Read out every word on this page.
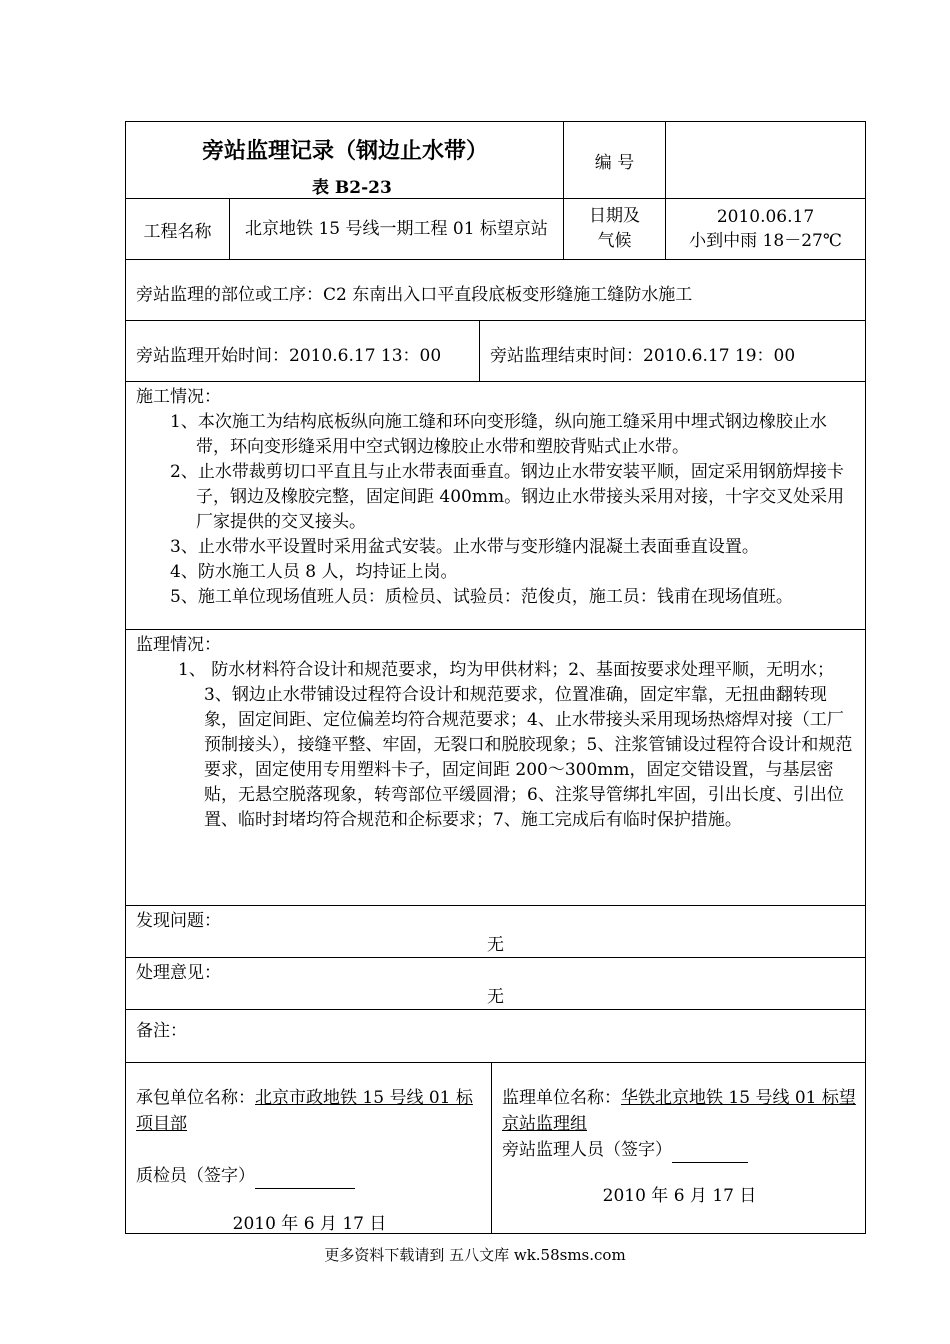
旁站监理记录（钢边止水带）
表 B2-23
编 号
工程名称 北京地铁 15 号线一期工程 01 标望京站
日期及气候
2010.06.17
小到中雨 18－27℃
旁站监理的部位或工序：C2 东南出入口平直段底板变形缝施工缝防水施工
旁站监理开始时间：2010.6.17 13：00	旁站监理结束时间：2010.6.17 19：00
施工情况：
1、本次施工为结构底板纵向施工缝和环向变形缝，纵向施工缝采用中埋式钢边橡胶止水带，环向变形缝采用中空式钢边橡胶止水带和塑胶背贴式止水带。
2、止水带裁剪切口平直且与止水带表面垂直。钢边止水带安装平顺，固定采用钢筋焊接卡子，钢边及橡胶完整，固定间距 400mm。钢边止水带接头采用对接，十字交叉处采用厂家提供的交叉接头。
3、止水带水平设置时采用盆式安装。止水带与变形缝内混凝土表面垂直设置。
4、防水施工人员 8 人，均持证上岗。
5、施工单位现场值班人员：质检员、试验员：范俊贞，施工员：钱甫在现场值班。
监理情况：
1、 防水材料符合设计和规范要求，均为甲供材料；2、基面按要求处理平顺，无明水；3、钢边止水带铺设过程符合设计和规范要求，位置准确，固定牢靠，无扭曲翻转现象，固定间距、定位偏差均符合规范要求；4、止水带接头采用现场热熔焊对接（工厂预制接头），接缝平整、牢固，无裂口和脱胶现象；5、注浆管铺设过程符合设计和规范要求，固定使用专用塑料卡子，固定间距 200～300mm，固定交错设置，与基层密贴，无悬空脱落现象，转弯部位平缓圆滑；6、注浆导管绑扎牢固，引出长度、引出位置、临时封堵均符合规范和企标要求；7、施工完成后有临时保护措施。
发现问题：
无
处理意见：
无
备注：
承包单位名称：北京市政地铁 15 号线 01 标项目部
质检员（签字）
2010 年 6 月 17 日
监理单位名称：华铁北京地铁 15 号线 01 标望京站监理组
旁站监理人员（签字）
2010 年 6 月 17 日
更多资料下载请到 五八文库 wk.58sms.com
